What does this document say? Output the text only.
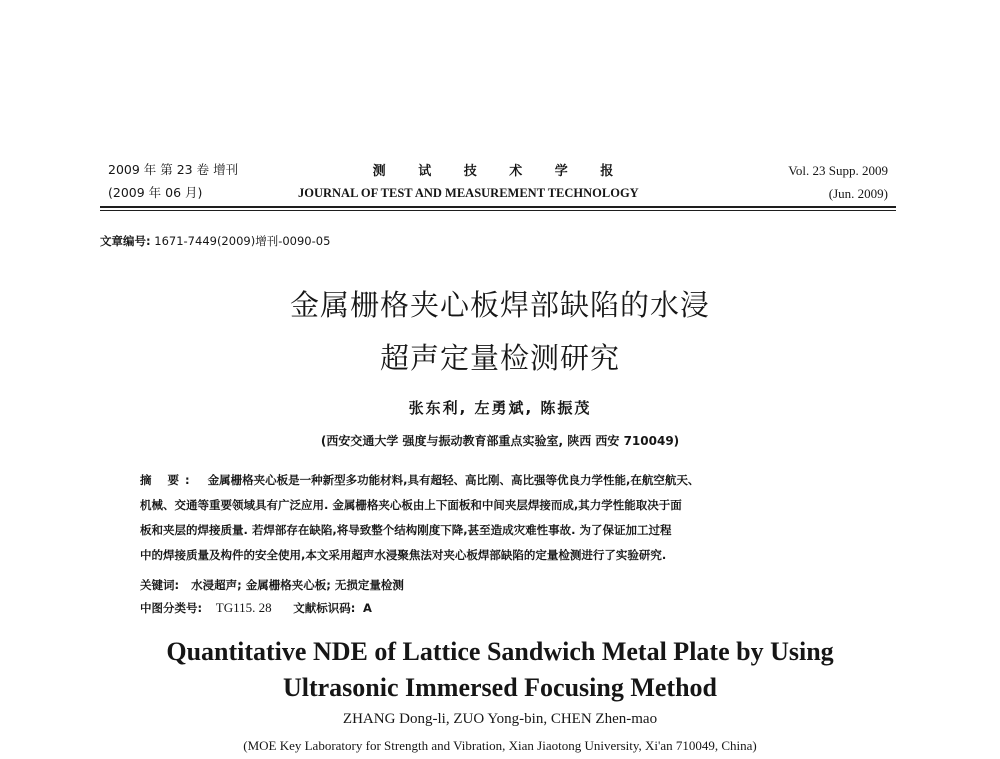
2009 年 第 23 卷 增刊
(2009 年 06 月)
测 试 技 术 学 报
JOURNAL OF TEST AND MEASUREMENT TECHNOLOGY
Vol. 23 Supp. 2009
(Jun. 2009)
文章编号: 1671-7449(2009)增刊-0090-05
金属栅格夹心板焊部缺陷的水浸
超声定量检测研究
张东利, 左勇斌, 陈振茂
(西安交通大学 强度与振动教育部重点实验室, 陕西 西安 710049)
摘 要: 金属栅格夹心板是一种新型多功能材料,具有超轻、高比刚、高比强等优良力学性能,在航空航天、
机械、交通等重要领域具有广泛应用. 金属栅格夹心板由上下面板和中间夹层焊接而成,其力学性能取决于面
板和夹层的焊接质量. 若焊部存在缺陷,将导致整个结构刚度下降,甚至造成灾难性事故. 为了保证加工过程
中的焊接质量及构件的安全使用,本文采用超声水浸聚焦法对夹心板焊部缺陷的定量检测进行了实验研究.
关键词: 水浸超声; 金属栅格夹心板; 无损定量检测
中图分类号: TG115. 28 文献标识码: A
Quantitative NDE of Lattice Sandwich Metal Plate by Using
Ultrasonic Immersed Focusing Method
ZHANG Dong-li, ZUO Yong-bin, CHEN Zhen-mao
(MOE Key Laboratory for Strength and Vibration, Xian Jiaotong University, Xi'an 710049, China)
